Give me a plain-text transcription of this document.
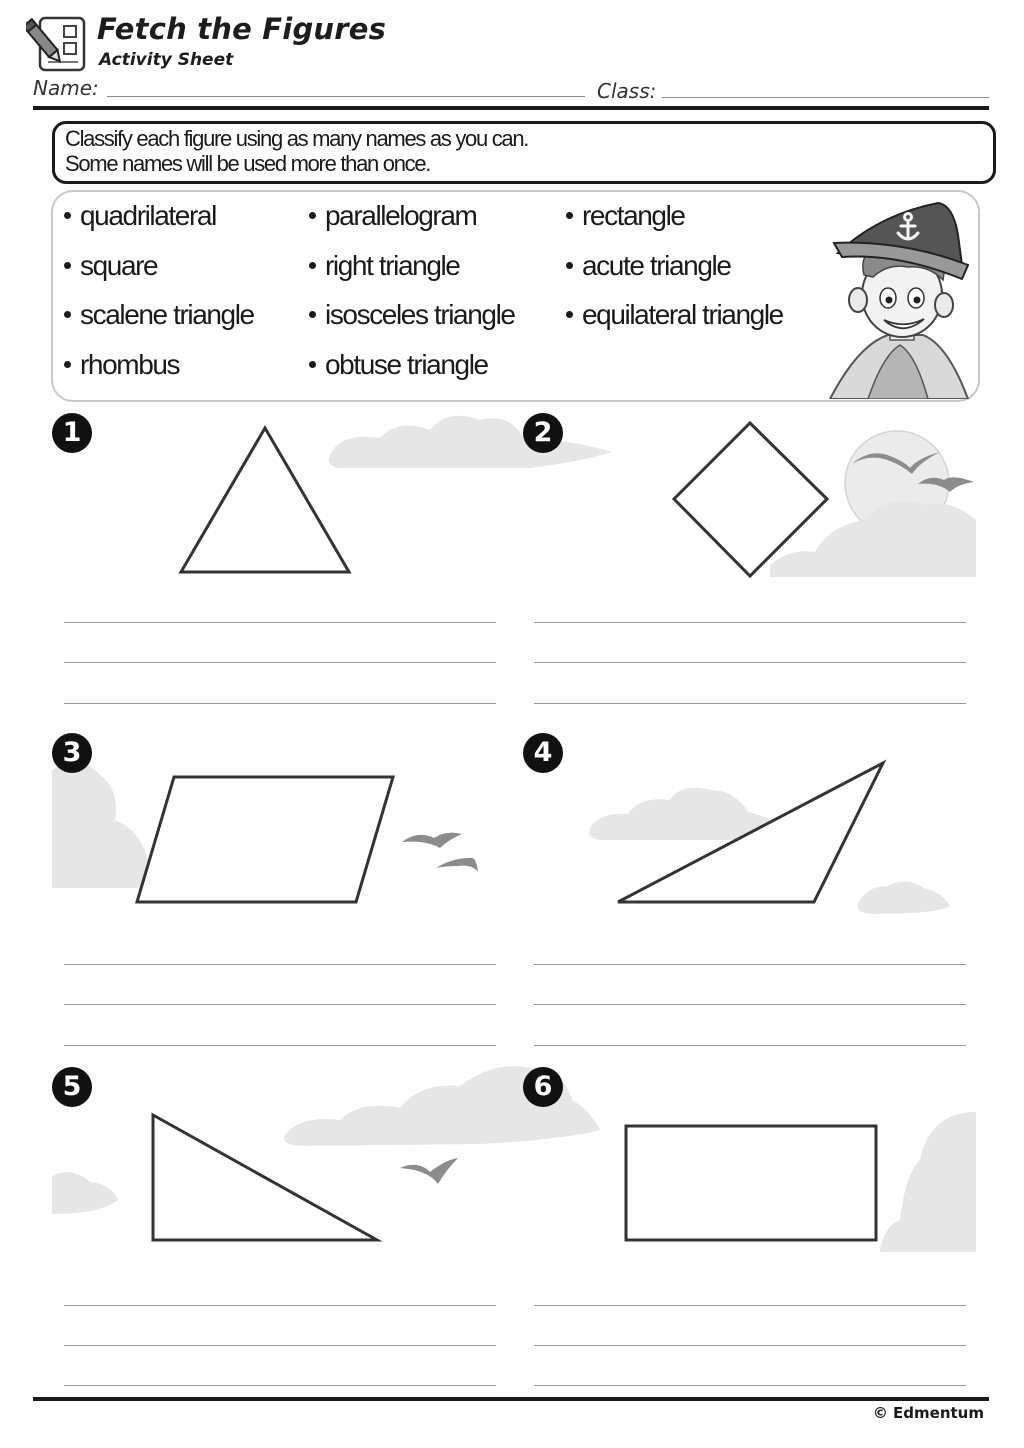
Fetch the Figures
Activity Sheet
Name:	Class:
Classify each figure using as many names as you can.
Some names will be used more than once.
quadrilateral	parallelogram	rectangle
square	right triangle	acute triangle
scalene triangle	isosceles triangle	equilateral triangle
rhombus	obtuse triangle
1	2
3	4
5	6
© Edmentum
